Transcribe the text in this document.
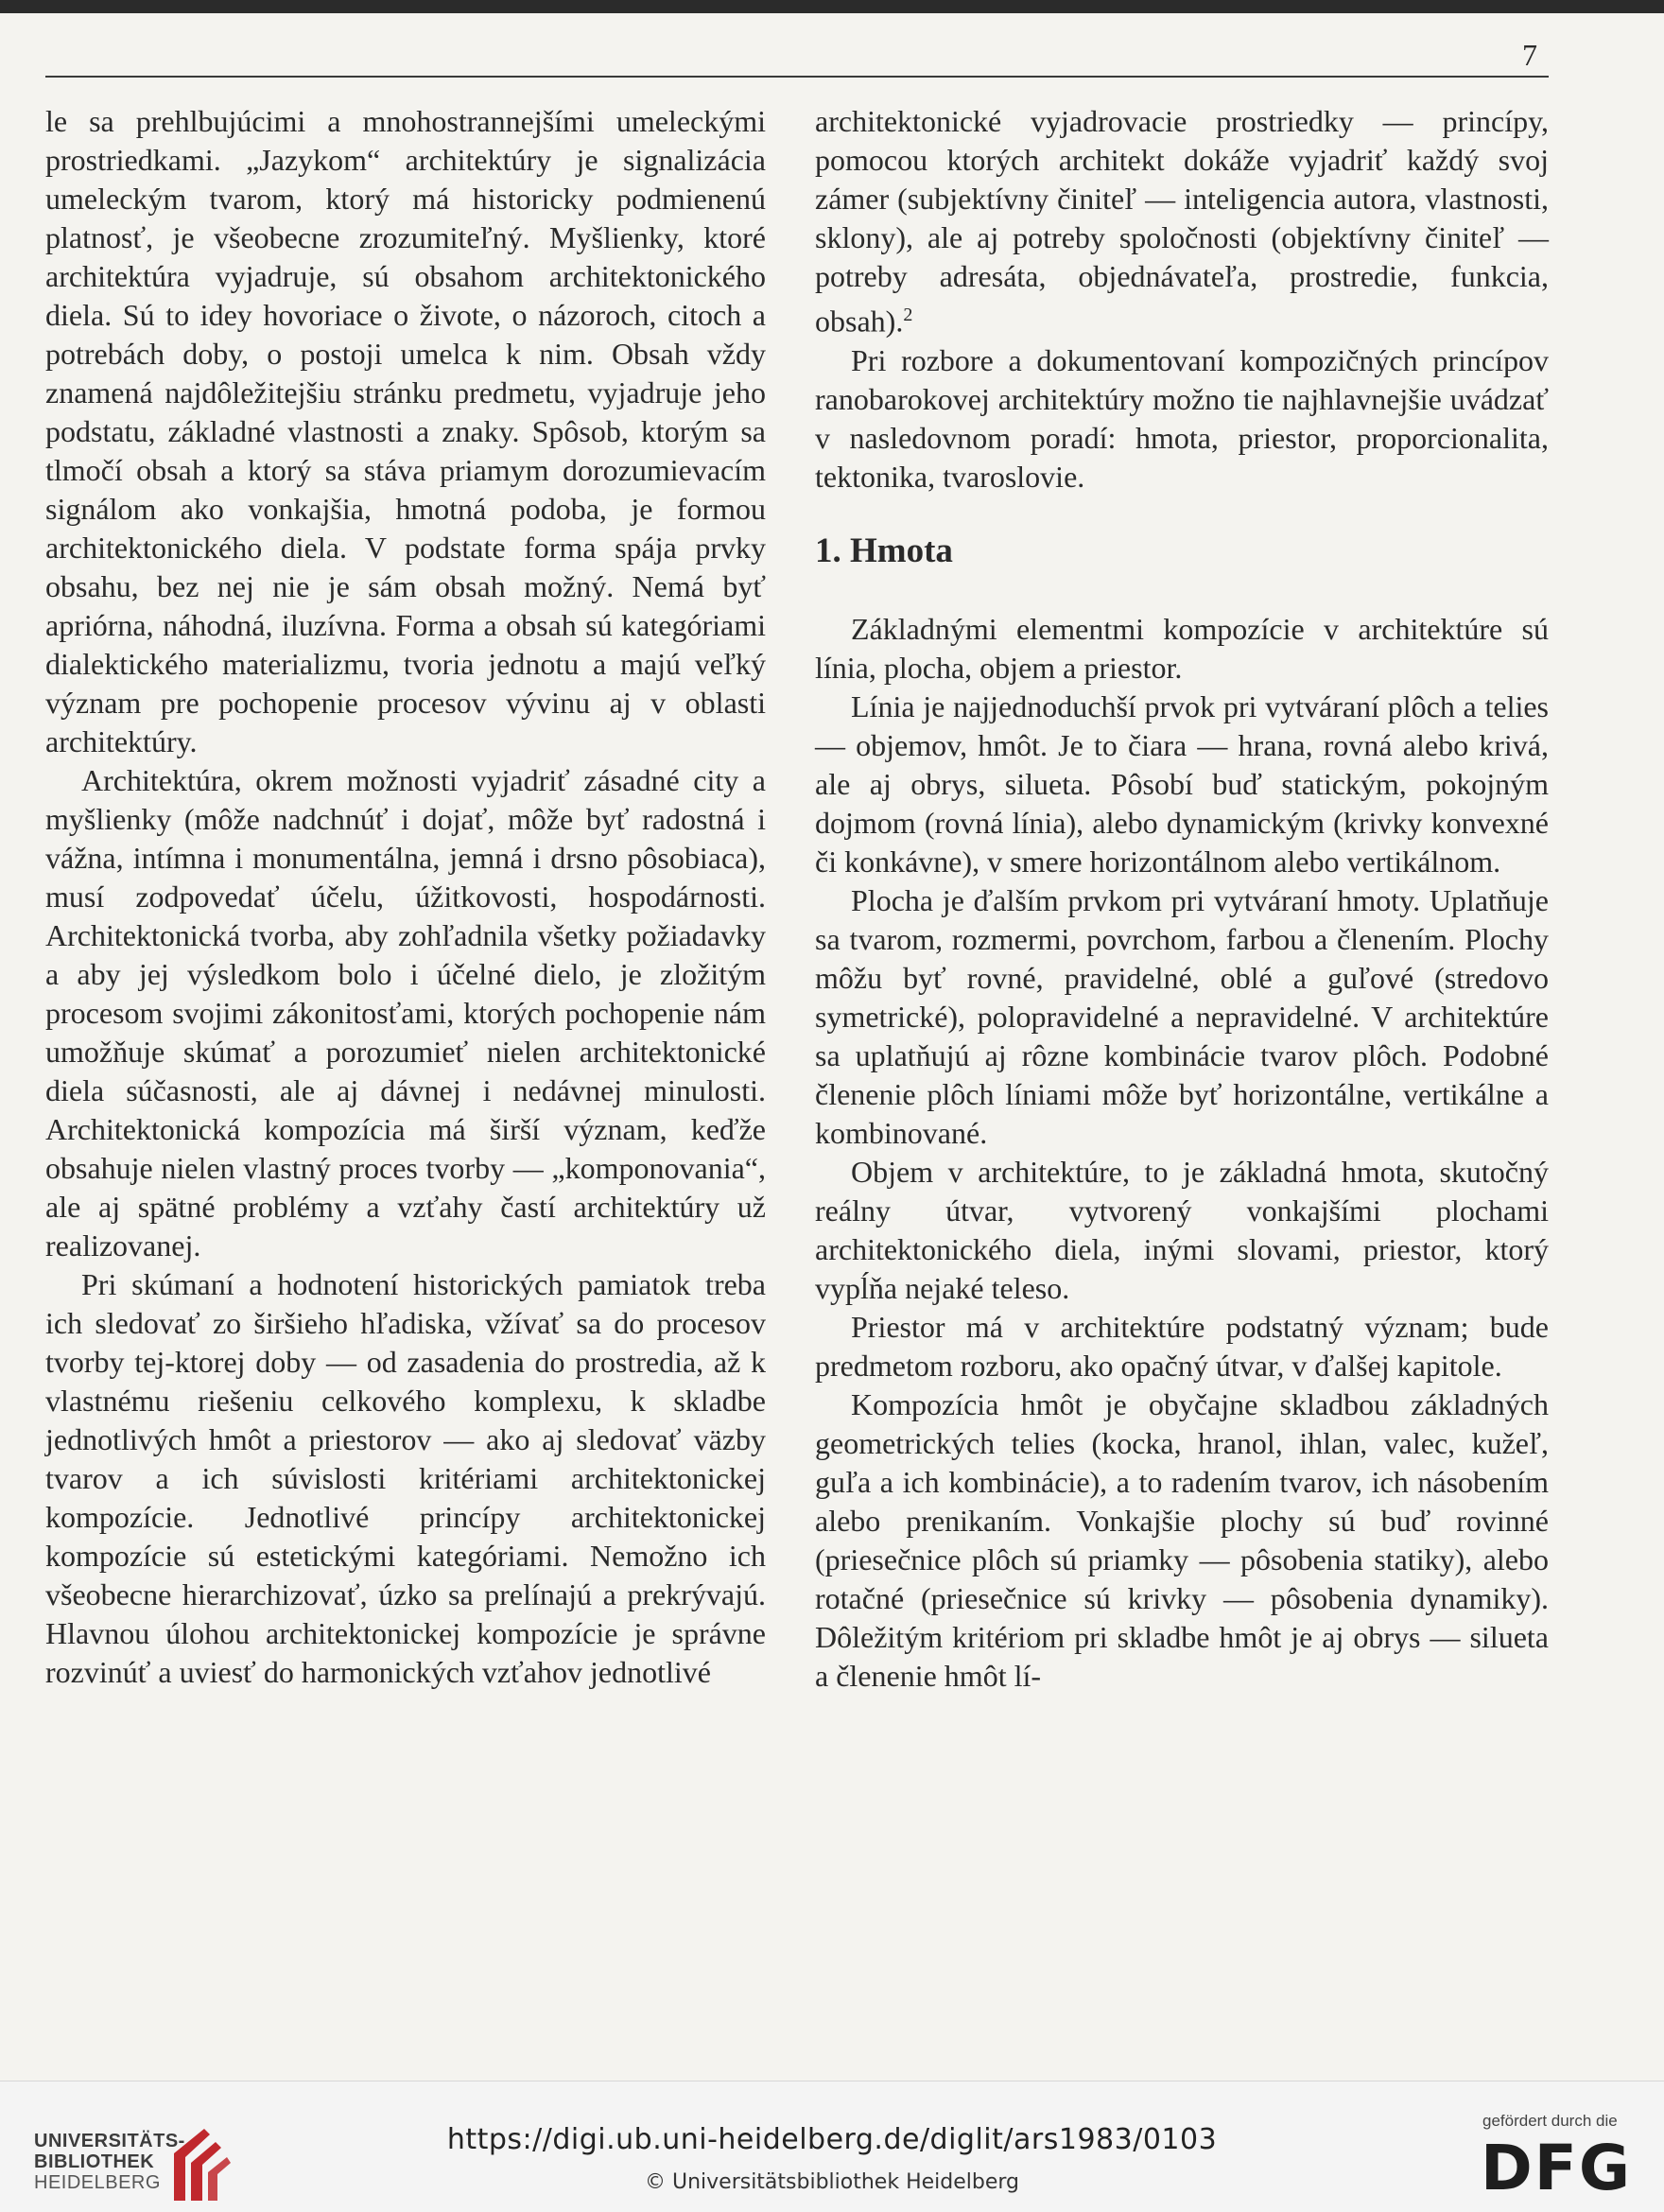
7

le sa prehlbujúcimi a mnohostrannejšími umeleckými prostriedkami. „Jazykom“ architektúry je signalizácia umeleckým tvarom, ktorý má historicky podmienenú platnosť, je všeobecne zrozumiteľný. Myšlienky, ktoré architektúra vyjadruje, sú obsahom architektonického diela. Sú to idey hovoriace o živote, o názoroch, citoch a potrebách doby, o postoji umelca k nim. Obsah vždy znamená najdôležitejšiu stránku predmetu, vyjadruje jeho podstatu, základné vlastnosti a znaky. Spôsob, ktorým sa tlmočí obsah a ktorý sa stáva priamym dorozumievacím signálom ako vonkajšia, hmotná podoba, je formou architektonického diela. V podstate forma spája prvky obsahu, bez nej nie je sám obsah možný. Nemá byť apriórna, náhodná, iluzívna. Forma a obsah sú kategóriami dialektického materializmu, tvoria jednotu a majú veľký význam pre pochopenie procesov vývinu aj v oblasti architektúry.

Architektúra, okrem možnosti vyjadriť zásadné city a myšlienky (môže nadchnúť i dojať, môže byť radostná i vážna, intímna i monumentálna, jemná i drsno pôsobiaca), musí zodpovedať účelu, úžitkovosti, hospodárnosti. Architektonická tvorba, aby zohľadnila všetky požiadavky a aby jej výsledkom bolo i účelné dielo, je zložitým procesom svojimi zákonitosťami, ktorých pochopenie nám umožňuje skúmať a porozumieť nielen architektonické diela súčasnosti, ale aj dávnej i nedávnej minulosti. Architektonická kompozícia má širší význam, keďže obsahuje nielen vlastný proces tvorby — „komponovania“, ale aj spätné problémy a vzťahy častí architektúry už realizovanej.

Pri skúmaní a hodnotení historických pamiatok treba ich sledovať zo širšieho hľadiska, vžívať sa do procesov tvorby tej-ktorej doby — od zasadenia do prostredia, až k vlastnému riešeniu celkového komplexu, k skladbe jednotlivých hmôt a priestorov — ako aj sledovať väzby tvarov a ich súvislosti kritériami architektonickej kompozície. Jednotlivé princípy architektonickej kompozície sú estetickými kategóriami. Nemožno ich všeobecne hierarchizovať, úzko sa prelínajú a prekrývajú. Hlavnou úlohou architektonickej kompozície je správne rozvinúť a uviesť do harmonických vzťahov jednotlivé

architektonické vyjadrovacie prostriedky — princípy, pomocou ktorých architekt dokáže vyjadriť každý svoj zámer (subjektívny činiteľ — inteligencia autora, vlastnosti, sklony), ale aj potreby spoločnosti (objektívny činiteľ — potreby adresáta, objednávateľa, prostredie, funkcia, obsah).$^2$

Pri rozbore a dokumentovaní kompozičných princípov ranobarokovej architektúry možno tie najhlavnejšie uvádzať v nasledovnom poradí: hmota, priestor, proporcionalita, tektonika, tvaroslovie.

1. Hmota

Základnými elementmi kompozície v architektúre sú línia, plocha, objem a priestor.

Línia je najjednoduchší prvok pri vytváraní plôch a telies — objemov, hmôt. Je to čiara — hrana, rovná alebo krivá, ale aj obrys, silueta. Pôsobí buď statickým, pokojným dojmom (rovná línia), alebo dynamickým (krivky konvexné či konkávne), v smere horizontálnom alebo vertikálnom.

Plocha je ďalším prvkom pri vytváraní hmoty. Uplatňuje sa tvarom, rozmermi, povrchom, farbou a členením. Plochy môžu byť rovné, pravidelné, oblé a guľové (stredovo symetrické), polopravidelné a nepravidelné. V architektúre sa uplatňujú aj rôzne kombinácie tvarov plôch. Podobné členenie plôch líniami môže byť horizontálne, vertikálne a kombinované.

Objem v architektúre, to je základná hmota, skutočný reálny útvar, vytvorený vonkajšími plochami architektonického diela, inými slovami, priestor, ktorý vypĺňa nejaké teleso.

Priestor má v architektúre podstatný význam; bude predmetom rozboru, ako opačný útvar, v ďalšej kapitole.

Kompozícia hmôt je obyčajne skladbou základných geometrických telies (kocka, hranol, ihlan, valec, kužeľ, guľa a ich kombinácie), a to radením tvarov, ich násobením alebo prenikaním. Vonkajšie plochy sú buď rovinné (priesečnice plôch sú priamky — pôsobenia statiky), alebo rotačné (priesečnice sú krivky — pôsobenia dynamiky). Dôležitým kritériom pri skladbe hmôt je aj obrys — silueta a členenie hmôt lí-

UNIVERSITÄTS-
BIBLIOTHEK
HEIDELBERG
https://digi.ub.uni-heidelberg.de/diglit/ars1983/0103
© Universitätsbibliothek Heidelberg
gefördert durch die
DFG
